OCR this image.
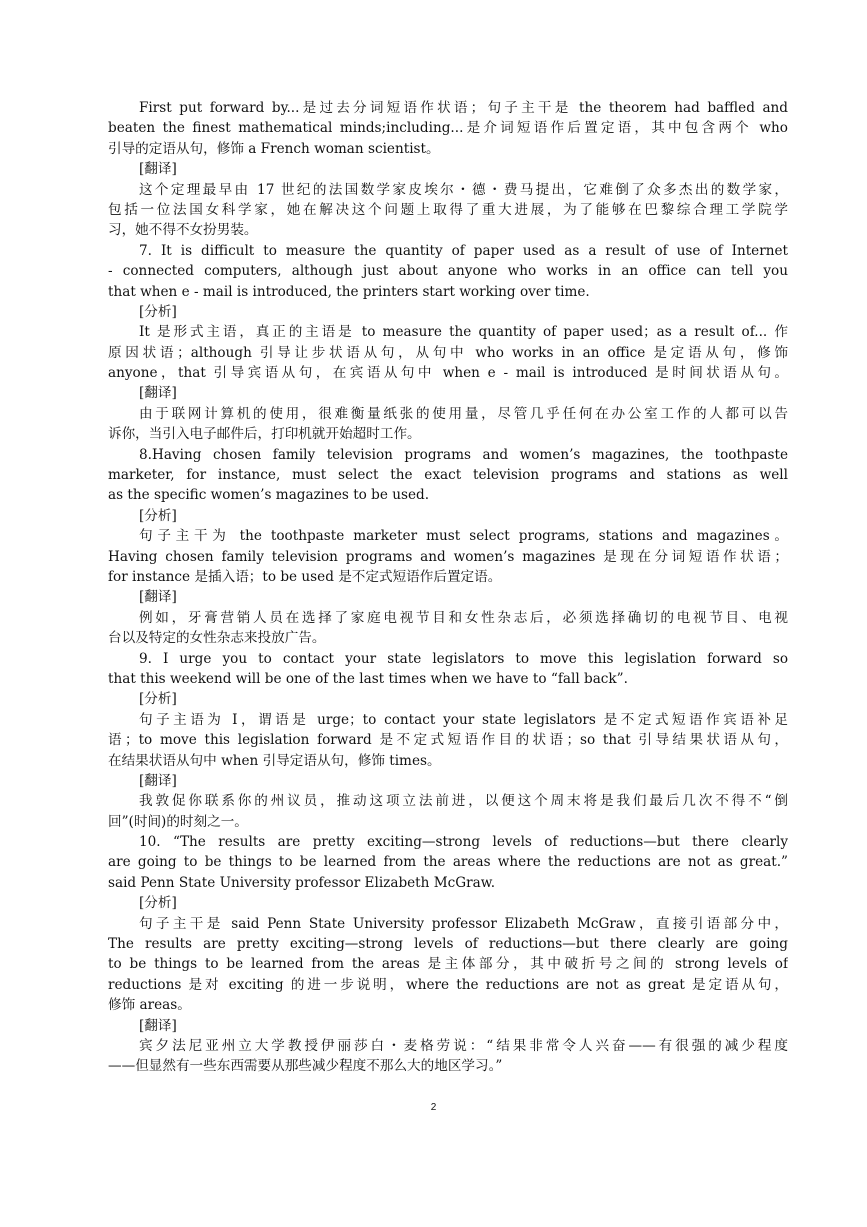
First put forward by...是过去分词短语作状语；句子主干是 the theorem had baffled and
beaten the finest mathematical minds;including...是介词短语作后置定语，其中包含两个 who
引导的定语从句，修饰 a French woman scientist。
[翻译]
这个定理最早由 17 世纪的法国数学家皮埃尔・德・费马提出，它难倒了众多杰出的数学家，
包括一位法国女科学家，她在解决这个问题上取得了重大进展，为了能够在巴黎综合理工学院学
习，她不得不女扮男装。
7. It is difficult to measure the quantity of paper used as a result of use of Internet
- connected computers, although just about anyone who works in an office can tell you
that when e - mail is introduced, the printers start working over time.
[分析]
It 是形式主语，真正的主语是 to measure the quantity of paper used；as a result of... 作
原因状语；although 引导让步状语从句，从句中 who works in an office 是定语从句，修饰
anyone，that 引导宾语从句，在宾语从句中 when e - mail is introduced 是时间状语从句。
[翻译]
由于联网计算机的使用，很难衡量纸张的使用量，尽管几乎任何在办公室工作的人都可以告
诉你，当引入电子邮件后，打印机就开始超时工作。
8.Having chosen family television programs and women’s magazines, the toothpaste
marketer, for instance, must select the exact television programs and stations as well
as the specific women’s magazines to be used.
[分析]
句子主干为 the toothpaste marketer must select programs, stations and magazines。
Having chosen family television programs and women’s magazines 是现在分词短语作状语；
for instance 是插入语；to be used 是不定式短语作后置定语。
[翻译]
例如，牙膏营销人员在选择了家庭电视节目和女性杂志后，必须选择确切的电视节目、电视
台以及特定的女性杂志来投放广告。
9. I urge you to contact your state legislators to move this legislation forward so
that this weekend will be one of the last times when we have to “fall back”.
[分析]
句子主语为 I，谓语是 urge；to contact your state legislators 是不定式短语作宾语补足
语；to move this legislation forward 是不定式短语作目的状语；so that 引导结果状语从句，
在结果状语从句中 when 引导定语从句，修饰 times。
[翻译]
我敦促你联系你的州议员，推动这项立法前进，以便这个周末将是我们最后几次不得不“倒
回”(时间)的时刻之一。
10. “The results are pretty exciting—strong levels of reductions—but there clearly
are going to be things to be learned from the areas where the reductions are not as great.”
said Penn State University professor Elizabeth McGraw.
[分析]
句子主干是 said Penn State University professor Elizabeth McGraw，直接引语部分中，
The results are pretty exciting—strong levels of reductions—but there clearly are going
to be things to be learned from the areas 是主体部分，其中破折号之间的 strong levels of
reductions 是对 exciting 的进一步说明，where the reductions are not as great 是定语从句，
修饰 areas。
[翻译]
宾夕法尼亚州立大学教授伊丽莎白・麦格劳说：“结果非常令人兴奋——有很强的减少程度
——但显然有一些东西需要从那些减少程度不那么大的地区学习。”
2
